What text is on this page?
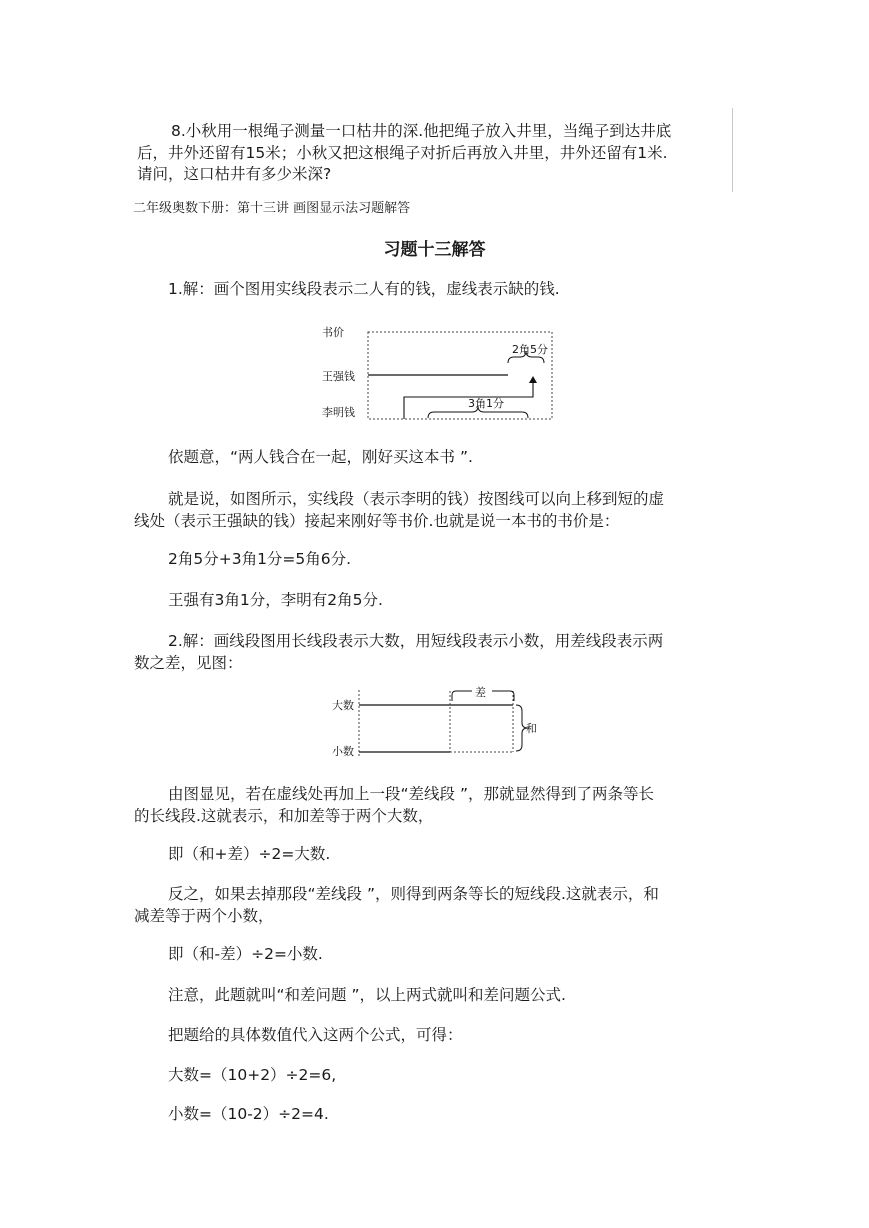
8.小秋用一根绳子测量一口枯井的深.他把绳子放入井里，当绳子到达井底
后，井外还留有15米；小秋又把这根绳子对折后再放入井里，井外还留有1米.
请问，这口枯井有多少米深?
二年级奥数下册：第十三讲 画图显示法习题解答
习题十三解答
1.解：画个图用实线段表示二人有的钱，虚线表示缺的钱.
书价
王强钱
李明钱
2角5分
3角1分
依题意，“两人钱合在一起，刚好买这本书 ”.
就是说，如图所示，实线段（表示李明的钱）按图线可以向上移到短的虚
线处（表示王强缺的钱）接起来刚好等书价.也就是说一本书的书价是：
2角5分+3角1分=5角6分.
王强有3角1分，李明有2角5分.
2.解：画线段图用长线段表示大数，用短线段表示小数，用差线段表示两
数之差，见图：
大数
小数
差
和
由图显见，若在虚线处再加上一段“差线段 ”，那就显然得到了两条等长
的长线段.这就表示，和加差等于两个大数，
即（和+差）÷2=大数.
反之，如果去掉那段“差线段 ”，则得到两条等长的短线段.这就表示，和
减差等于两个小数，
即（和-差）÷2=小数.
注意，此题就叫“和差问题 ”，以上两式就叫和差问题公式.
把题给的具体数值代入这两个公式，可得：
大数=（10+2）÷2=6,
小数=（10-2）÷2=4.
